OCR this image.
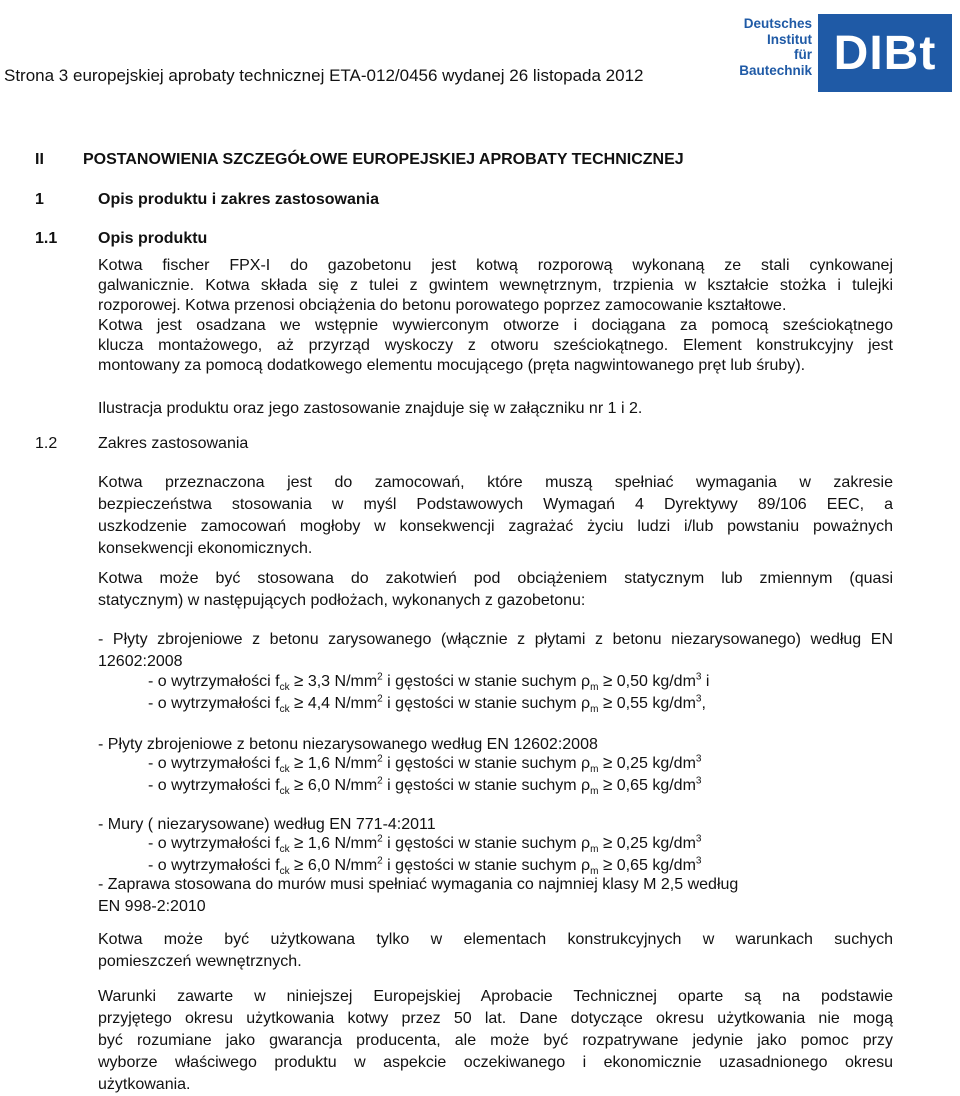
Strona 3 europejskiej aprobaty technicznej ETA-012/0456 wydanej 26 listopada 2012
Deutsches
Institut
für
Bautechnik DIBt
II POSTANOWIENIA SZCZEGÓŁOWE EUROPEJSKIEJ APROBATY TECHNICZNEJ
1	Opis produktu i zakres zastosowania
1.1	Opis produktu
Kotwa fischer FPX-I do gazobetonu jest kotwą rozporową wykonaną ze stali cynkowanej
galwanicznie. Kotwa składa się z tulei z gwintem wewnętrznym, trzpienia w kształcie stożka i tulejki
rozporowej. Kotwa przenosi obciążenia do betonu porowatego poprzez zamocowanie kształtowe.
Kotwa jest osadzana we wstępnie wywierconym otworze i dociągana za pomocą sześciokątnego
klucza montażowego, aż przyrząd wyskoczy z otworu sześciokątnego. Element konstrukcyjny jest
montowany za pomocą dodatkowego elementu mocującego (pręta nagwintowanego pręt lub śruby).
Ilustracja produktu oraz jego zastosowanie znajduje się w załączniku nr 1 i 2.
1.2	Zakres zastosowania
Kotwa przeznaczona jest do zamocowań, które muszą spełniać wymagania w zakresie
bezpieczeństwa stosowania w myśl Podstawowych Wymagań 4 Dyrektywy 89/106 EEC, a
uszkodzenie zamocowań mogłoby w konsekwencji zagrażać życiu ludzi i/lub powstaniu poważnych
konsekwencji ekonomicznych.
Kotwa może być stosowana do zakotwień pod obciążeniem statycznym lub zmiennym (quasi
statycznym) w następujących podłożach, wykonanych z gazobetonu:
- Płyty zbrojeniowe z betonu zarysowanego (włącznie z płytami z betonu niezarysowanego) według EN
12602:2008
- o wytrzymałości $f_{ck} \ge 3,3$ $N/mm^2$ i gęstości w stanie suchym $\rho_m \ge 0,50$ $kg/dm^3$ i
- o wytrzymałości $f_{ck} \ge 4,4$ $N/mm^2$ i gęstości w stanie suchym $\rho_m \ge 0,55$ $kg/dm^3$,
- Płyty zbrojeniowe z betonu niezarysowanego według EN 12602:2008
- o wytrzymałości $f_{ck} \ge 1,6$ $N/mm^2$ i gęstości w stanie suchym $\rho_m \ge 0,25$ $kg/dm^3$
- o wytrzymałości $f_{ck} \ge 6,0$ $N/mm^2$ i gęstości w stanie suchym $\rho_m \ge 0,65$ $kg/dm^3$
- Mury ( niezarysowane) według EN 771-4:2011
- o wytrzymałości $f_{ck} \ge 1,6$ $N/mm^2$ i gęstości w stanie suchym $\rho_m \ge 0,25$ $kg/dm^3$
- o wytrzymałości $f_{ck} \ge 6,0$ $N/mm^2$ i gęstości w stanie suchym $\rho_m \ge 0,65$ $kg/dm^3$
- Zaprawa stosowana do murów musi spełniać wymagania co najmniej klasy M 2,5 według
EN 998-2:2010
Kotwa może być użytkowana tylko w elementach konstrukcyjnych w warunkach suchych
pomieszczeń wewnętrznych.
Warunki zawarte w niniejszej Europejskiej Aprobacie Technicznej oparte są na podstawie
przyjętego okresu użytkowania kotwy przez 50 lat. Dane dotyczące okresu użytkowania nie mogą
być rozumiane jako gwarancja producenta, ale może być rozpatrywane jedynie jako pomoc przy
wyborze właściwego produktu w aspekcie oczekiwanego i ekonomicznie uzasadnionego okresu
użytkowania.
